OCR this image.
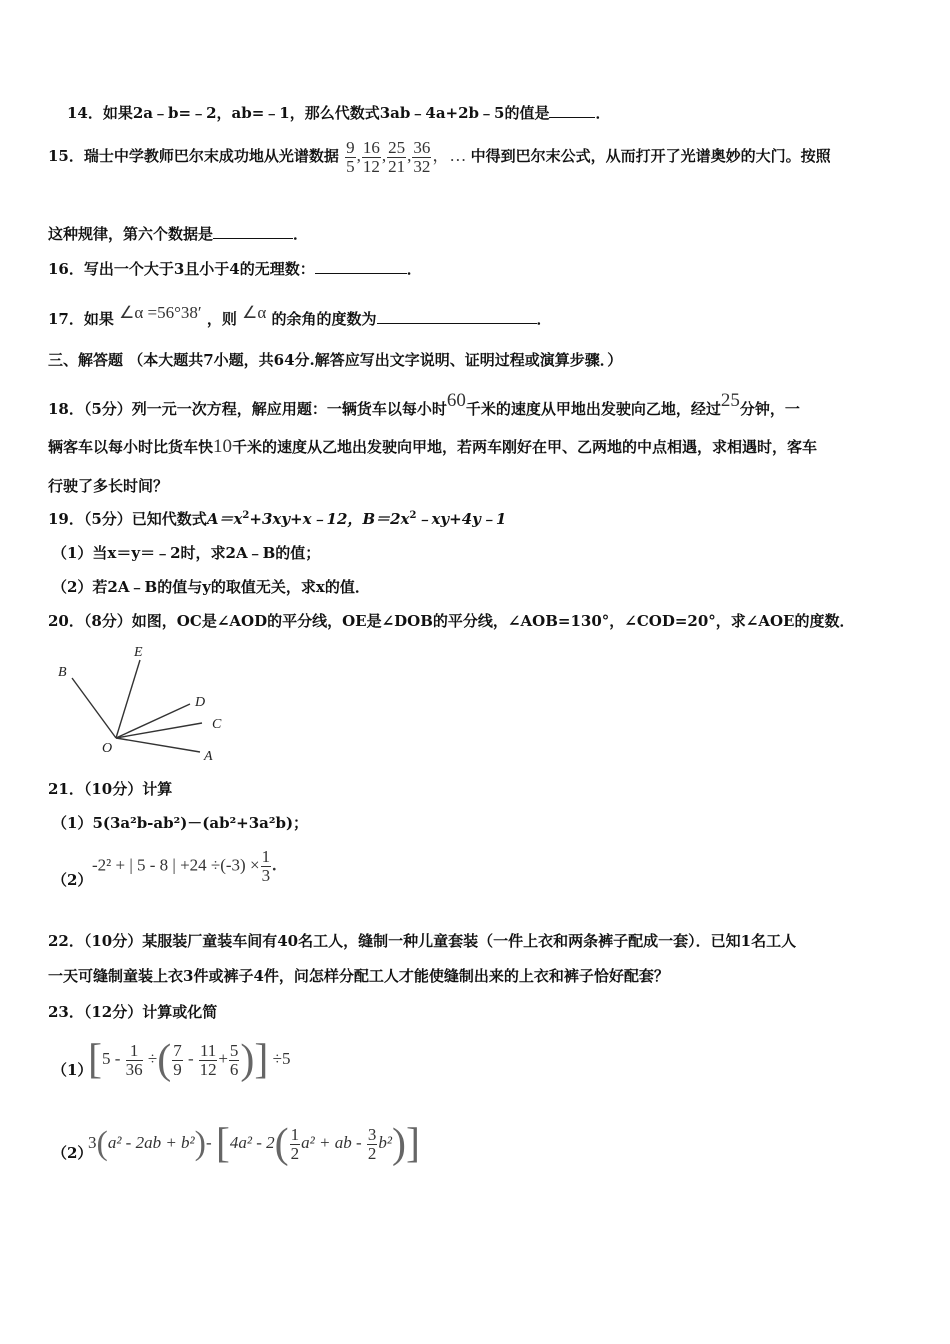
14．如果2a﹣b=﹣2，ab=﹣1，那么代数式3ab﹣4a+2b﹣5的值是	．
15．瑞士中学教师巴尔末成功地从光谱数据 $\frac{9}{5}$ , $\frac{16}{12}$ , $\frac{25}{21}$ , $\frac{36}{32}$ ，… 中得到巴尔末公式，从而打开了光谱奥妙的大门。按照
这种规律，第六个数据是	．
16．写出一个大于3且小于4的无理数：	．
17．如果 ∠α =56°38′ ，则 ∠α 的余角的度数为	．
三、解答题 （本大题共7小题，共64分.解答应写出文字说明、证明过程或演算步骤．）
18．（5分）列一元一次方程，解应用题：一辆货车以每小时60千米的速度从甲地出发驶向乙地，经过25分钟，一
辆客车以每小时比货车快10千米的速度从乙地出发驶向甲地，若两车刚好在甲、乙两地的中点相遇，求相遇时，客车
行驶了多长时间？
19．（5分）已知代数式$A=x^2+3xy+x﹣12$，$B=2x^2﹣xy+4y﹣1$
（1）当x＝y＝﹣2时，求2A﹣B的值；
（2）若2A﹣B的值与y的取值无关，求x的值．
20．（8分）如图，OC是∠AOD的平分线，OE是∠DOB的平分线，∠AOB=130°，∠COD=20°，求∠AOE的度数．
B
E
D
C
A
O
21．（10分）计算
（1）5(3a²b-ab²)－(ab²+3a²b)；
（2）
-2² + | 5 - 8 | $+24 \div(-3) \times \frac{1}{3}$ .
22．（10分）某服装厂童装车间有40名工人，缝制一种儿童套装（一件上衣和两条裤子配成一套）．已知1名工人
一天可缝制童装上衣3件或裤子4件，问怎样分配工人才能使缝制出来的上衣和裤子恰好配套？
23．（12分）计算或化简
（1）
[$5 - \frac{1}{36}$ ÷( $\frac{7}{9} - \frac{11}{12} + \frac{5}{6}$ )] ÷5
（2）
3(a² - 2ab + b²)- [$4a^2 - 2( \frac{1}{2} a^2$ + ab - $\frac{3}{2} b^2$)]
